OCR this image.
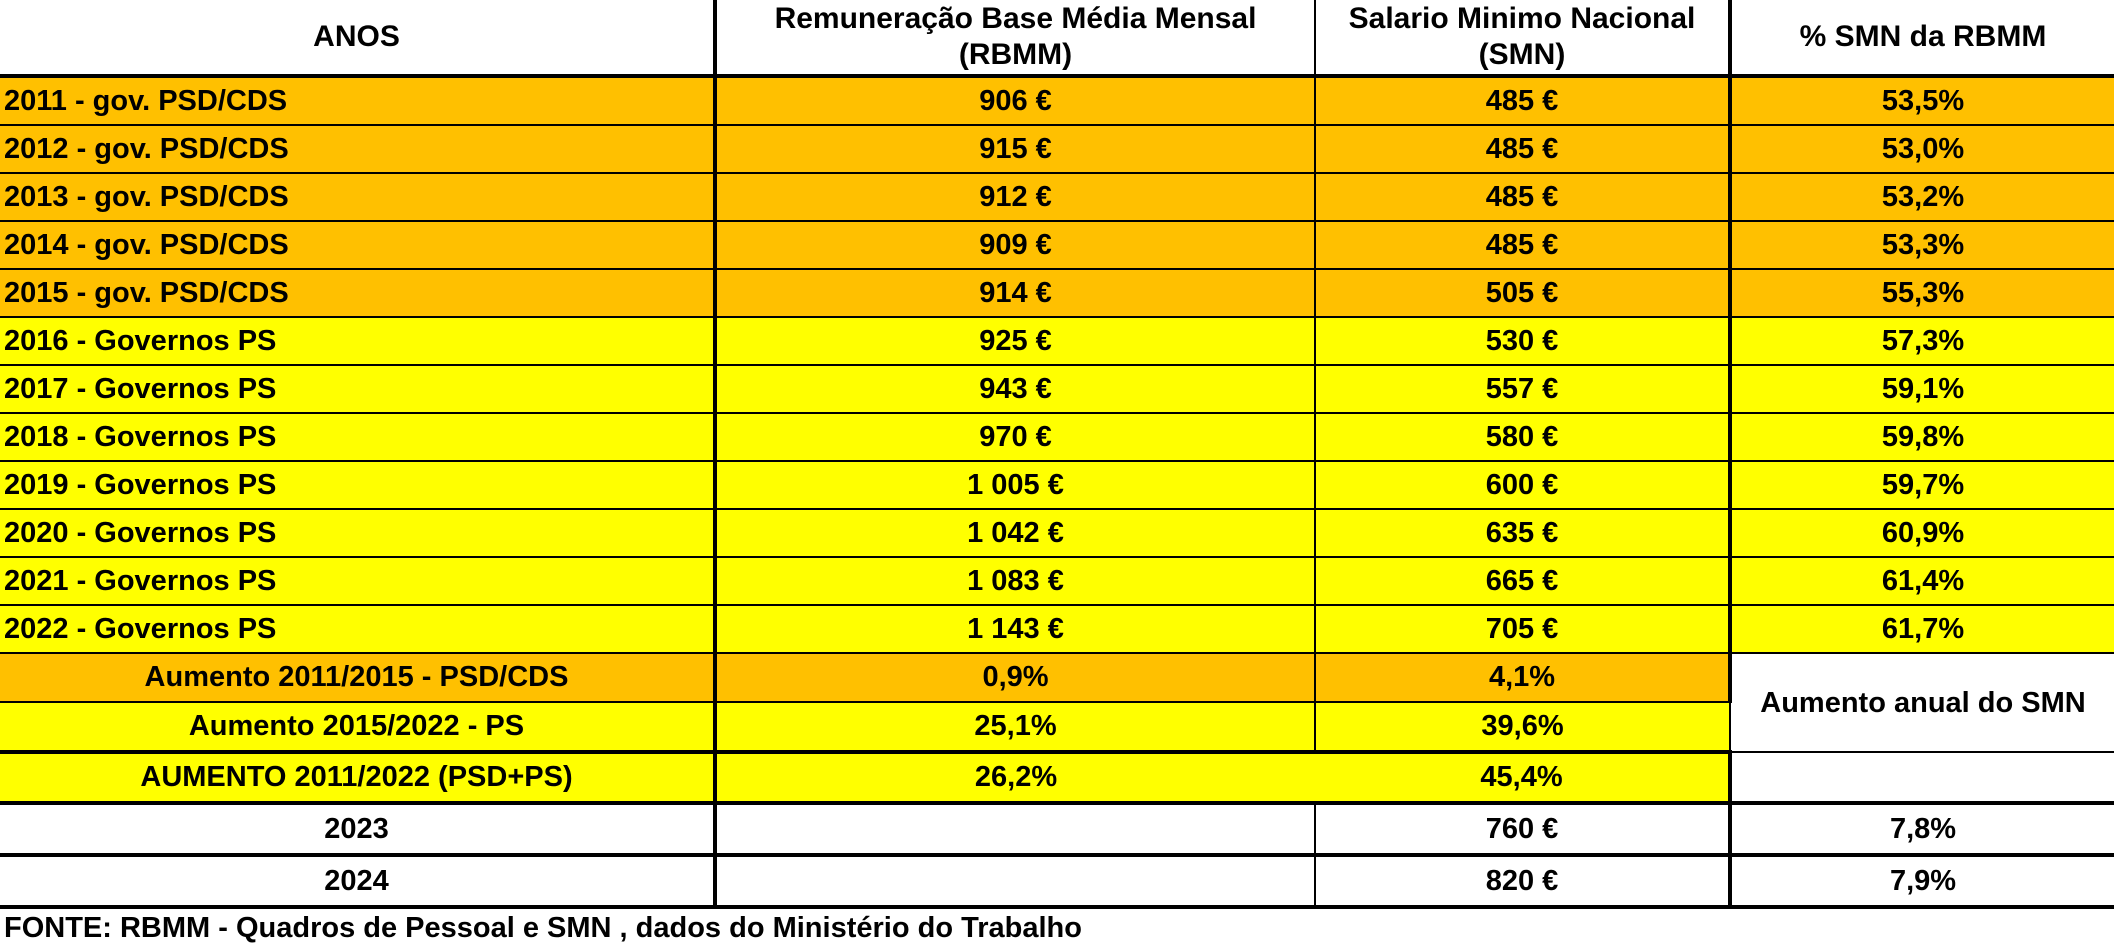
ANOS	Remuneração Base Média Mensal (RBMM)	Salario Minimo Nacional (SMN)	% SMN da RBMM
2011 - gov. PSD/CDS	906 €	485 €	53,5%
2012 - gov. PSD/CDS	915 €	485 €	53,0%
2013 - gov. PSD/CDS	912 €	485 €	53,2%
2014 - gov. PSD/CDS	909 €	485 €	53,3%
2015 - gov. PSD/CDS	914 €	505 €	55,3%
2016 - Governos PS	925 €	530 €	57,3%
2017 - Governos PS	943 €	557 €	59,1%
2018 - Governos PS	970 €	580 €	59,8%
2019 - Governos PS	1 005 €	600 €	59,7%
2020 - Governos PS	1 042 €	635 €	60,9%
2021 - Governos PS	1 083 €	665 €	61,4%
2022 - Governos PS	1 143 €	705 €	61,7%
Aumento 2011/2015 - PSD/CDS	0,9%	4,1%	Aumento anual do SMN
Aumento 2015/2022 - PS	25,1%	39,6%	
AUMENTO 2011/2022 (PSD+PS)	26,2%	45,4%	
2023		760 €	7,8%
2024		820 €	7,9%
FONTE: RBMM - Quadros de Pessoal e SMN , dados do Ministério do Trabalho
